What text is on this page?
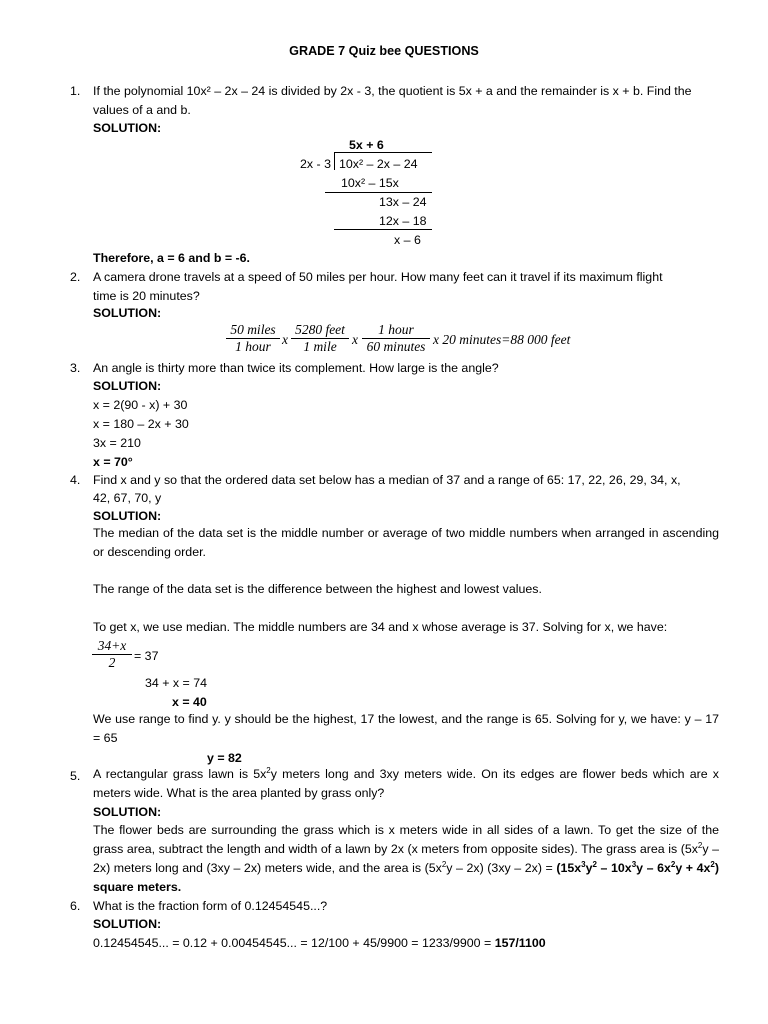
GRADE 7 Quiz bee QUESTIONS
1. If the polynomial 10x² – 2x – 24 is divided by 2x - 3, the quotient is 5x + a and the remainder is x + b. Find the
values of a and b.
SOLUTION:
5x + 6
2x - 3 10x² – 2x – 24
10x² – 15x
13x – 24
12x – 18
x – 6
Therefore, a = 6 and b = -6.
2. A camera drone travels at a speed of 50 miles per hour. How many feet can it travel if its maximum flight
time is 20 minutes?
SOLUTION:
50 miles
1 hour x
5280 feet
1 mile	x
1 hour
60 minutes x 20 minutes=88 000 feet
3. An angle is thirty more than twice its complement. How large is the angle?
SOLUTION:
x = 2(90 - x) + 30
x = 180 – 2x + 30
3x = 210
x = 70°
4. Find x and y so that the ordered data set below has a median of 37 and a range of 65: 17, 22, 26, 29, 34, x,
42, 67, 70, y
SOLUTION:
The median of the data set is the middle number or average of two middle numbers when arranged in ascending or descending order.
The range of the data set is the difference between the highest and lowest values.
To get x, we use median. The middle numbers are 34 and x whose average is 37. Solving for x, we have:
$\frac{34+x}{2} = 37$
34 + x = 74
x = 40
We use range to find y. y should be the highest, 17 the lowest, and the range is 65. Solving for y, we have: y – 17 = 65
y = 82
5. A rectangular grass lawn is $5x^2y$ meters long and 3xy meters wide. On its edges are flower beds which are x meters wide. What is the area planted by grass only?
SOLUTION:
The flower beds are surrounding the grass which is x meters wide in all sides of a lawn. To get the size of the grass area, subtract the length and width of a lawn by 2x (x meters from opposite sides). The grass area is $(5x^2y - 2x)$ meters long and (3xy – 2x) meters wide, and the area is $(5x^2y - 2x)$ $(3xy - 2x) = (15x^3y^2 - 10x^3y - 6x^2y + 4x^2)$ square meters.
6. What is the fraction form of 0.12454545...?
SOLUTION:
0.12454545... = 0.12 + 0.00454545... = 12/100 + 45/9900 = 1233/9900 = 157/1100
